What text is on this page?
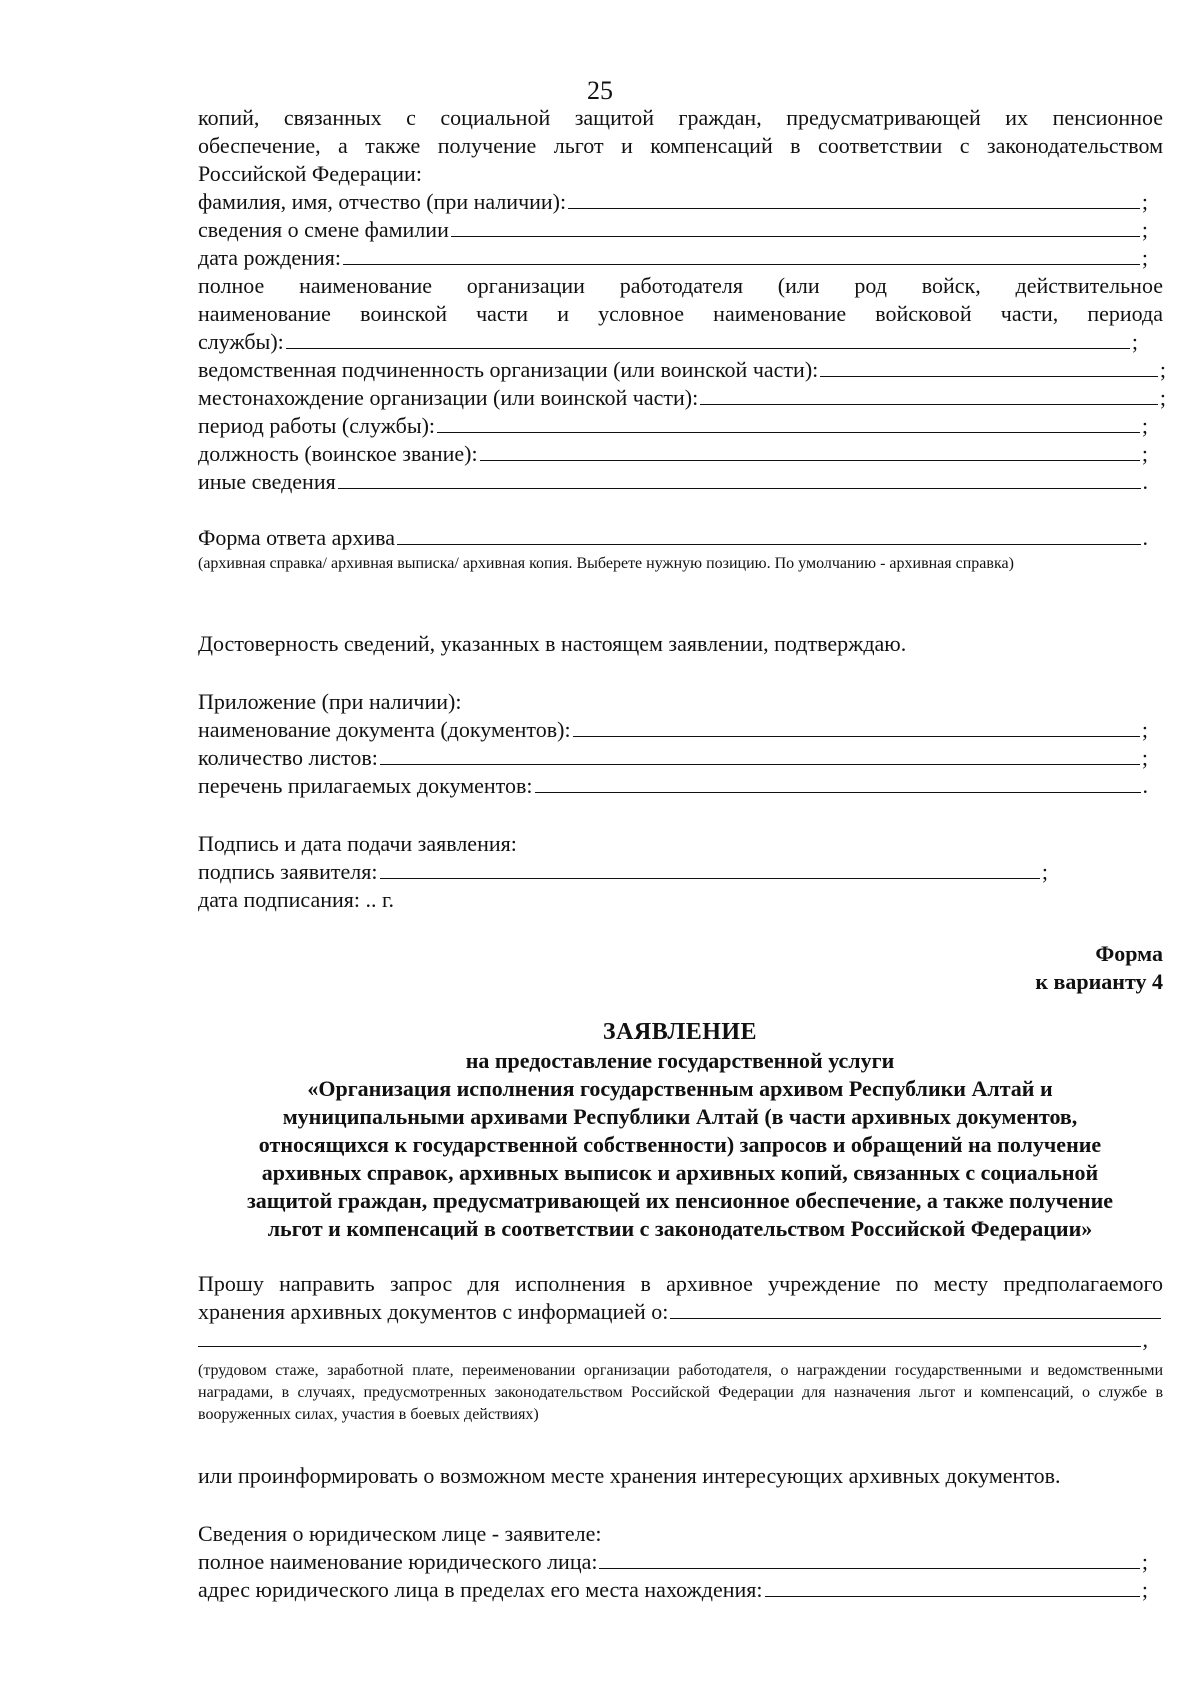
25
копий, связанных с социальной защитой граждан, предусматривающей их пенсионное
обеспечение, а также получение льгот и компенсаций в соответствии с законодательством
Российской Федерации:
фамилия, имя, отчество (при наличии):	;
сведения о смене фамилии	;
дата рождения:	;
полное наименование организации работодателя (или род войск, действительное
наименование воинской части и условное наименование войсковой части, периода
службы):	;
ведомственная подчиненность организации (или воинской части):	;
местонахождение организации (или воинской части):	;
период работы (службы):	;
должность (воинское звание):	;
иные сведения	.
Форма ответа архива	.
(архивная справка/ архивная выписка/ архивная копия. Выберете нужную позицию. По умолчанию - архивная справка)
Достоверность сведений, указанных в настоящем заявлении, подтверждаю.
Приложение (при наличии):
наименование документа (документов):	;
количество листов:	;
перечень прилагаемых документов:	.
Подпись и дата подачи заявления:
подпись заявителя:	;
дата подписания: .. г.
Форма
к варианту 4
ЗАЯВЛЕНИЕ
на предоставление государственной услуги
«Организация исполнения государственным архивом Республики Алтай и
муниципальными архивами Республики Алтай (в части архивных документов,
относящихся к государственной собственности) запросов и обращений на получение
архивных справок, архивных выписок и архивных копий, связанных с социальной
защитой граждан, предусматривающей их пенсионное обеспечение, а также получение
льгот и компенсаций в соответствии с законодательством Российской Федерации»
Прошу направить запрос для исполнения в архивное учреждение по месту предполагаемого
хранения архивных документов с информацией о:
,
(трудовом стаже, заработной плате, переименовании организации работодателя, о награждении государственными и ведомственными наградами, в случаях, предусмотренных законодательством Российской Федерации для назначения льгот и компенсаций, о службе в вооруженных силах, участия в боевых действиях)
или проинформировать о возможном месте хранения интересующих архивных документов.
Сведения о юридическом лице - заявителе:
полное наименование юридического лица:	;
адрес юридического лица в пределах его места нахождения:	;
